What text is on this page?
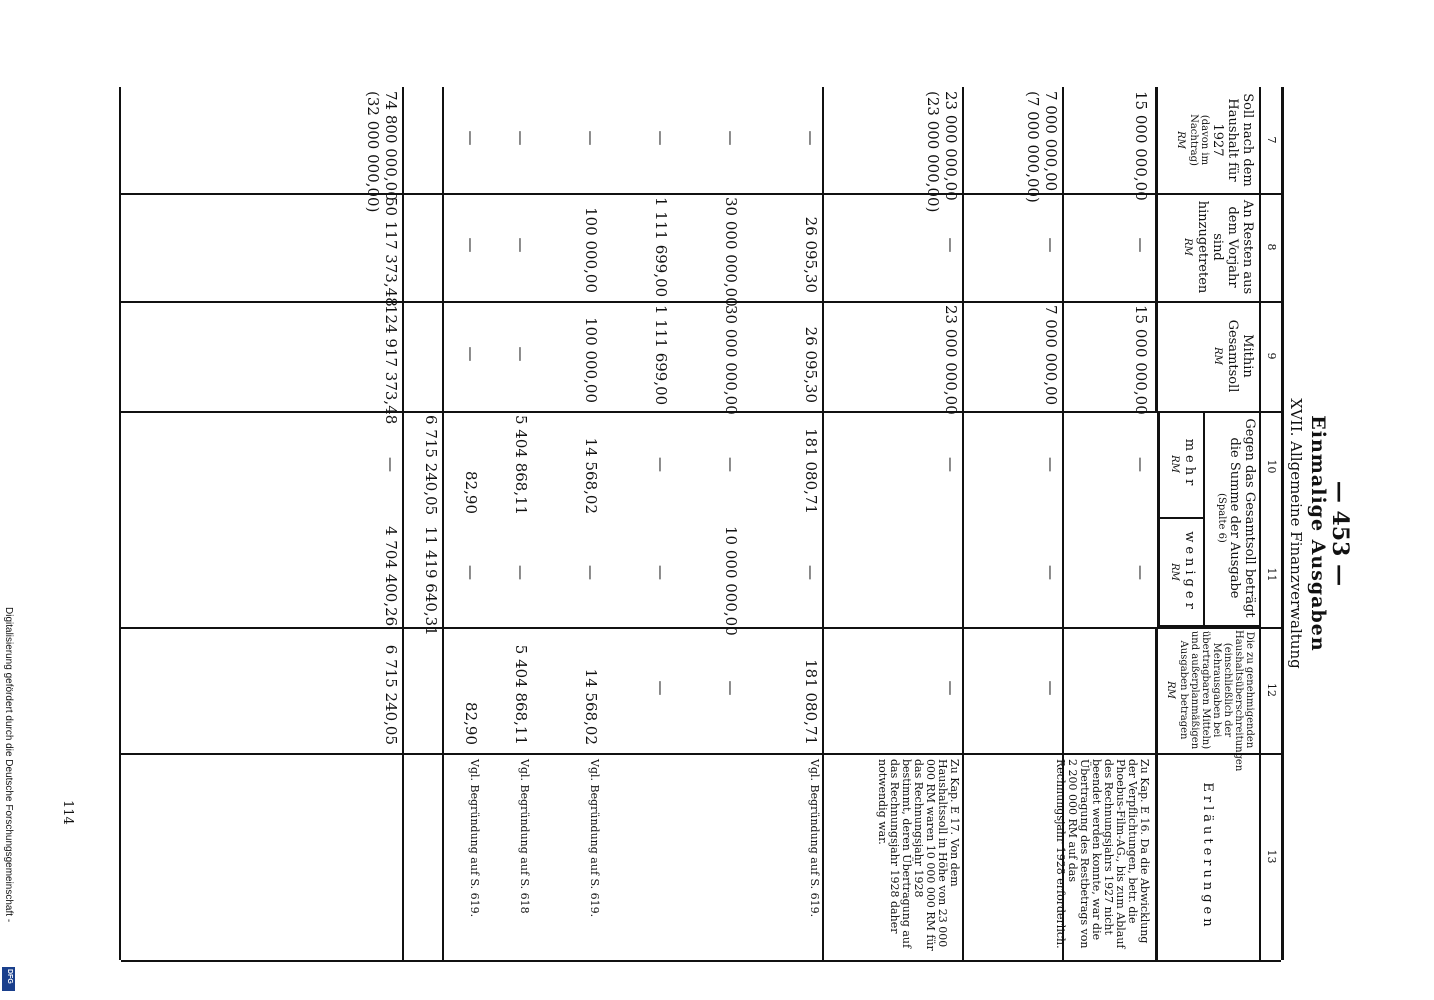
Digitalisierung gefördert durch die Deutsche Forschungsgemeinschaft -
DFG
114
— 453 —
Einmalige Ausgaben
XVII. Allgemeine Finanzverwaltung
7
Soll nach dem Haushalt für 1927
(davon im Nachtrag)
RM
8
An Resten aus dem Vorjahr sind hinzugetreten
RM
9
Mithin Gesamtsoll
RM
10
11
Gegen das Gesamtsoll beträgt die Summe der Ausgabe
(Spalte 6)
mehr
RM
weniger
RM
12
Die zu genehmigenden Haushaltsüberschreitungen (einschließlich der Mehrausgaben bei übertragbaren Mitteln) und außerplanmäßigen Ausgaben betragen
RM
13
Erläuterungen
15 000 000,00
—
15 000 000,00
—
—
Zu Kap. E 16. Da die Abwicklung der Verpflichtungen, betr. die Phoebus-Film-AG., bis zum Ablauf des Rechnungsjahrs 1927 nicht beendet werden konnte, war die Übertragung des Restbetrags von 2 200 000 RM auf das Rechnungsjahr 1928 erforderlich.
7 000 000,00
(7 000 000,00)
—
7 000 000,00
—
—
—
Zu Kap. E 17. Von dem Haushaltssoll in Höhe von 23 000 000 RM waren 10 000 000 RM für das Rechnungsjahr 1928 bestimmt, deren Übertragung auf das Rechnungsjahr 1928 daher notwendig war.
23 000 000,00
(23 000 000,00)
—
23 000 000,00
—
—
—
26 095,30
26 095,30
181 080,71
—
181 080,71
Vgl. Begründung auf S. 619.
—
30 000 000,00
30 000 000,00
—
10 000 000,00
—
—
1 111 699,00
1 111 699,00
—
—
—
—
100 000,00
100 000,00
14 568,02
—
14 568,02
Vgl. Begründung auf S. 619.
—
—
—
5 404 868,11
—
5 404 868,11
Vgl. Begründung auf S. 618
—
—
—
82,90
—
82,90
Vgl. Begründung auf S. 619.
6 715 240,05
11 419 640,31
74 800 000,00
(32 000 000,00)
50 117 373,48
124 917 373,48
—
4 704 400,26
6 715 240,05
